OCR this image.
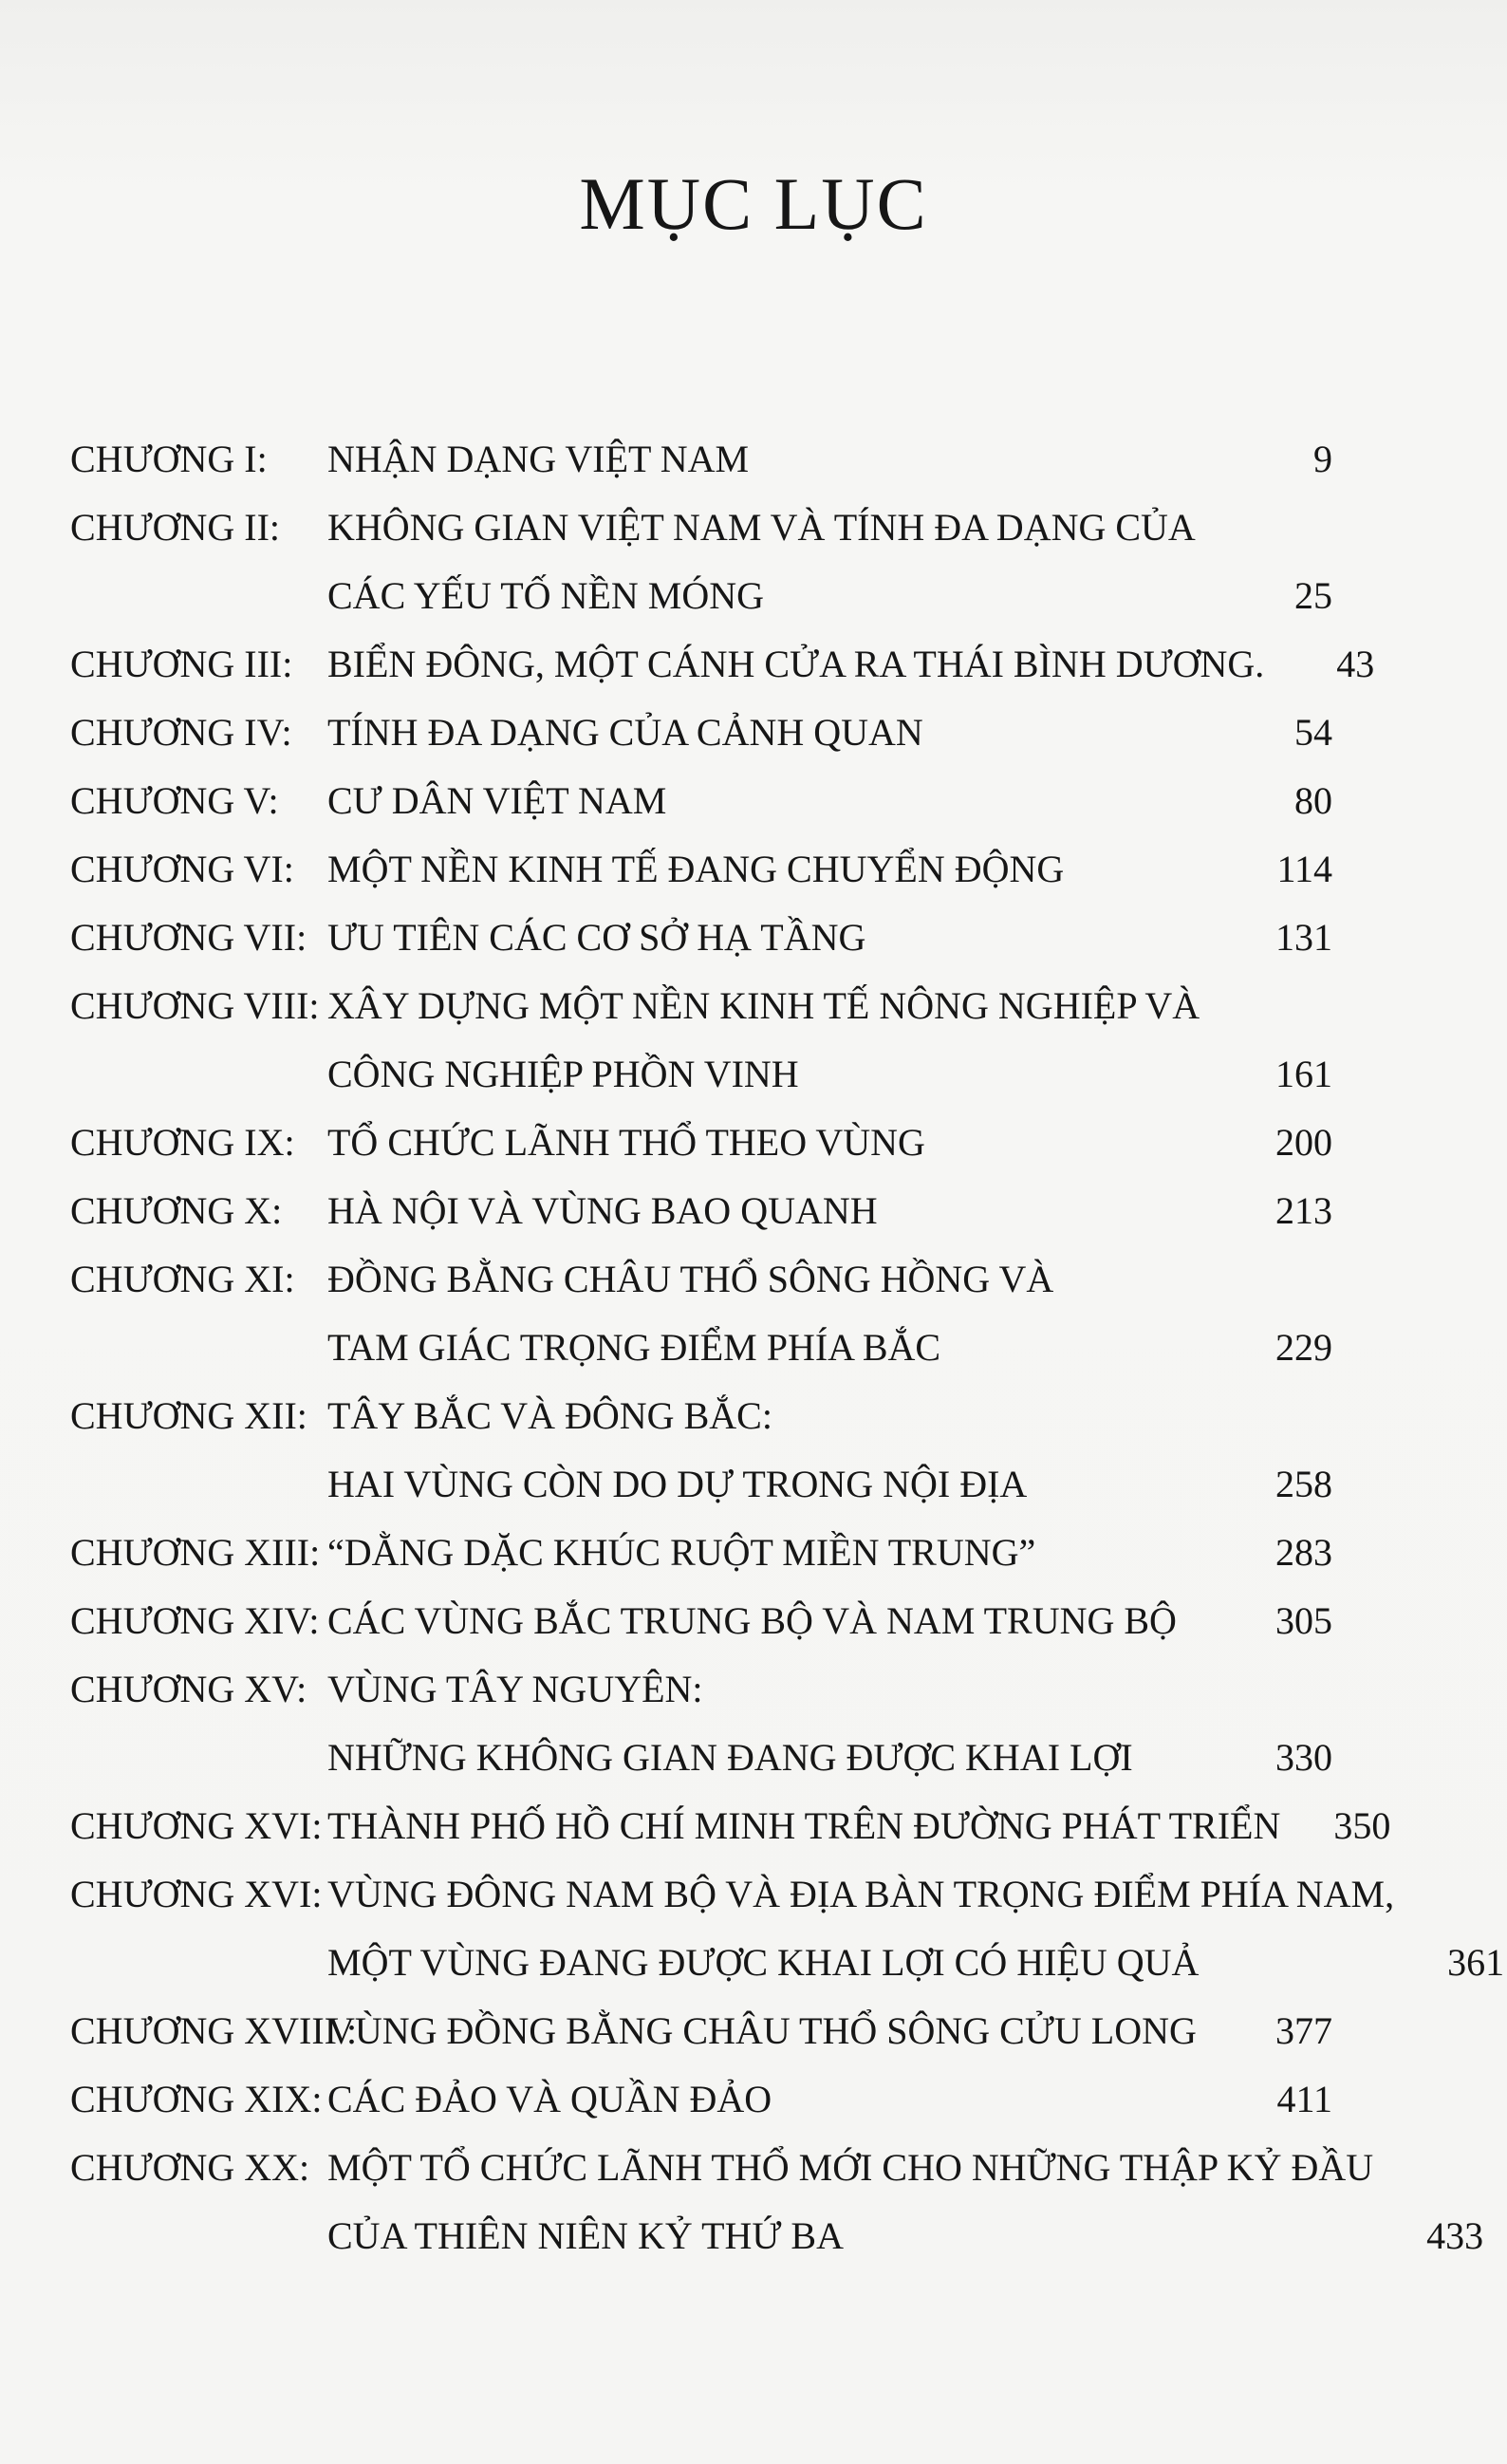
MỤC LỤC
CHƯƠNG I:	NHẬN DẠNG VIỆT NAM	9
CHƯƠNG II:	KHÔNG GIAN VIỆT NAM VÀ TÍNH ĐA DẠNG CỦA
CÁC YẾU TỐ NỀN MÓNG	25
CHƯƠNG III: BIỂN ĐÔNG, MỘT CÁNH CỬA RA THÁI BÌNH DƯƠNG.	43
CHƯƠNG IV: TÍNH ĐA DẠNG CỦA CẢNH QUAN	54
CHƯƠNG V:	CƯ DÂN VIỆT NAM	80
CHƯƠNG VI: MỘT NỀN KINH TẾ ĐANG CHUYỂN ĐỘNG	114
CHƯƠNG VII: ƯU TIÊN CÁC CƠ SỞ HẠ TẦNG	131
CHƯƠNG VIII: XÂY DỰNG MỘT NỀN KINH TẾ NÔNG NGHIỆP VÀ
CÔNG NGHIỆP PHỒN VINH	161
CHƯƠNG IX: TỔ CHỨC LÃNH THỔ THEO VÙNG	200
CHƯƠNG X:	HÀ NỘI VÀ VÙNG BAO QUANH	213
CHƯƠNG XI: ĐỒNG BẰNG CHÂU THỔ SÔNG HỒNG VÀ
TAM GIÁC TRỌNG ĐIỂM PHÍA BẮC	229
CHƯƠNG XII: TÂY BẮC VÀ ĐÔNG BẮC:
HAI VÙNG CÒN DO DỰ TRONG NỘI ĐỊA	258
CHƯƠNG XIII: “DẰNG DẶC KHÚC RUỘT MIỀN TRUNG”	283
CHƯƠNG XIV: CÁC VÙNG BẮC TRUNG BỘ VÀ NAM TRUNG BỘ	305
CHƯƠNG XV: VÙNG TÂY NGUYÊN:
NHỮNG KHÔNG GIAN ĐANG ĐƯỢC KHAI LỢI	330
CHƯƠNG XVI: THÀNH PHỐ HỒ CHÍ MINH TRÊN ĐƯỜNG PHÁT TRIỂN	350
CHƯƠNG XVI: VÙNG ĐÔNG NAM BỘ VÀ ĐỊA BÀN TRỌNG ĐIỂM PHÍA NAM,
MỘT VÙNG ĐANG ĐƯỢC KHAI LỢI CÓ HIỆU QUẢ	361
CHƯƠNG XVIII :
VÙNG ĐỒNG BẰNG CHÂU THỔ SÔNG CỬU LONG	377
CHƯƠNG XIX: CÁC ĐẢO VÀ QUẦN ĐẢO	411
CHƯƠNG XX: MỘT TỔ CHỨC LÃNH THỔ MỚI CHO NHỮNG THẬP KỶ ĐẦU
CỦA THIÊN NIÊN KỶ THỨ BA	433
